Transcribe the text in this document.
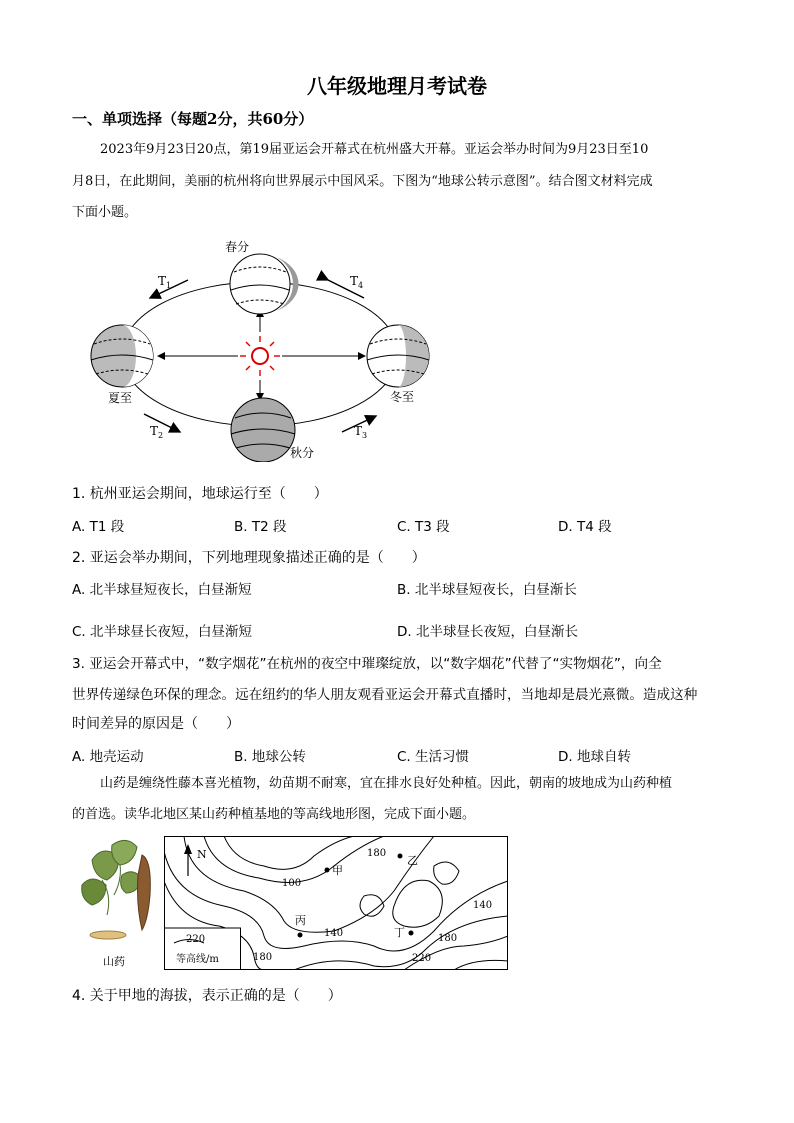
八年级地理月考试卷
一、单项选择（每题2分，共60分）
2023年9月23日20点，第19届亚运会开幕式在杭州盛大开幕。亚运会举办时间为9月23日至10
月8日，在此期间，美丽的杭州将向世界展示中国风采。下图为“地球公转示意图”。结合图文材料完成
下面小题。
春分
夏至
秋分
冬至
$T_1$	$T_4$
$T_2$	$T_3$
1. 杭州亚运会期间，地球运行至（　　）
A. T1 段	B. T2 段	C. T3 段	D. T4 段
2. 亚运会举办期间，下列地理现象描述正确的是（　　）
A. 北半球昼短夜长，白昼渐短	B. 北半球昼短夜长，白昼渐长
C. 北半球昼长夜短，白昼渐短	D. 北半球昼长夜短，白昼渐长
3. 亚运会开幕式中，“数字烟花”在杭州的夜空中璀璨绽放，以“数字烟花”代替了“实物烟花”，向全
世界传递绿色环保的理念。远在纽约的华人朋友观看亚运会开幕式直播时，当地却是晨光熹微。造成这种
时间差异的原因是（　　）
A. 地壳运动	B. 地球公转	C. 生活习惯	D. 地球自转
山药是缠绕性藤本喜光植物，幼苗期不耐寒，宜在排水良好处种植。因此，朝南的坡地成为山药种植
的首选。读华北地区某山药种植基地的等高线地形图，完成下面小题。
山药
N
220
等高线/m
甲
乙
丙
丁
100
180
140
140	180
180	220
4. 关于甲地的海拔，表示正确的是（　　）
